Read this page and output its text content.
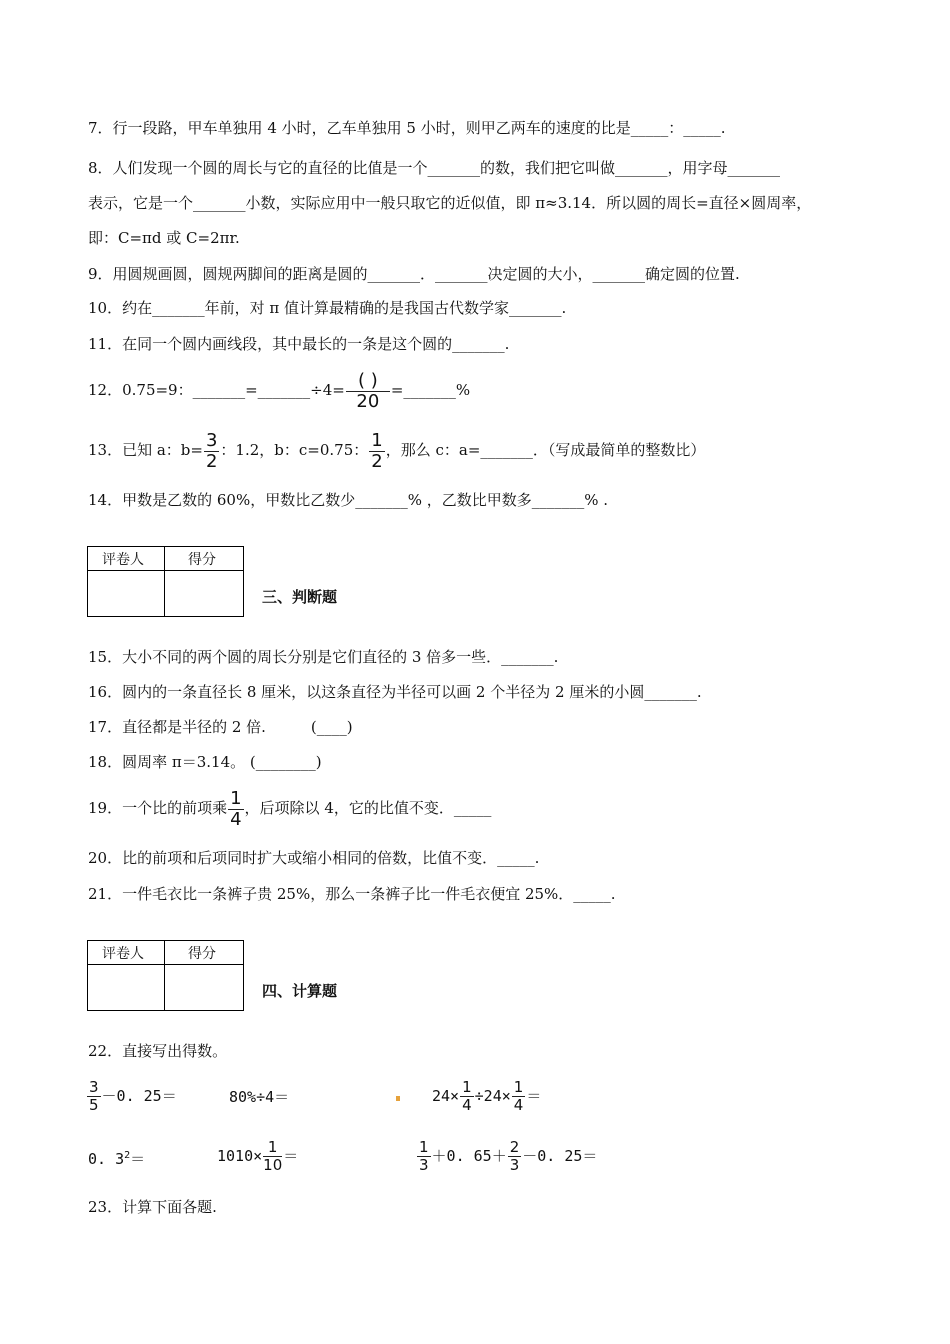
7．行一段路，甲车单独用 4 小时，乙车单独用 5 小时，则甲乙两车的速度的比是_____：_____.
8．人们发现一个圆的周长与它的直径的比值是一个_______的数，我们把它叫做_______，用字母_______
表示，它是一个_______小数，实际应用中一般只取它的近似值，即 π≈3.14．所以圆的周长=直径×圆周率，
即：C=πd 或 C=2πr.
9．用圆规画圆，圆规两脚间的距离是圆的_______．_______决定圆的大小，_______确定圆的位置.
10．约在_______年前，对 π 值计算最精确的是我国古代数学家_______.
11．在同一个圆内画线段，其中最长的一条是这个圆的_______.
12．0.75=9：_______=_______÷4= $\frac{( )}{20}$ =_______%
13．已知 a：$b= \frac{3}{2}$ ：1.2，b：c=0.75： $\frac{1}{2}$ ，那么 c：a=_______．（写成最简单的整数比）
14．甲数是乙数的 60%，甲数比乙数少_______% ，乙数比甲数多_______% .
评卷人	得分
三、判断题
15．大小不同的两个圆的周长分别是它们直径的 3 倍多一些．_______.
16．圆内的一条直径长 8 厘米，以这条直径为半径可以画 2 个半径为 2 厘米的小圆_______.
17．直径都是半径的 2 倍.　　　(____)
18．圆周率 π＝3.14。 (________)
19．一个比的前项乘 $\frac{1}{4}$ ，后项除以 4，它的比值不变．_____
20．比的前项和后项同时扩大或缩小相同的倍数，比值不变．_____.
21．一件毛衣比一条裤子贵 25%，那么一条裤子比一件毛衣便宜 25%．_____.
评卷人	得分
四、计算题
22．直接写出得数。
$\frac{3}{5} -0$. 25＝	80%÷4＝	$24\times \frac{1}{4} \div 24\times \frac{1}{4}$ ＝
0. $3^2=$	$1010\times \frac{1}{10}$ ＝	$\frac{1}{3} +0$. $65+ \frac{2}{3} -0$. 25＝
23．计算下面各题.
